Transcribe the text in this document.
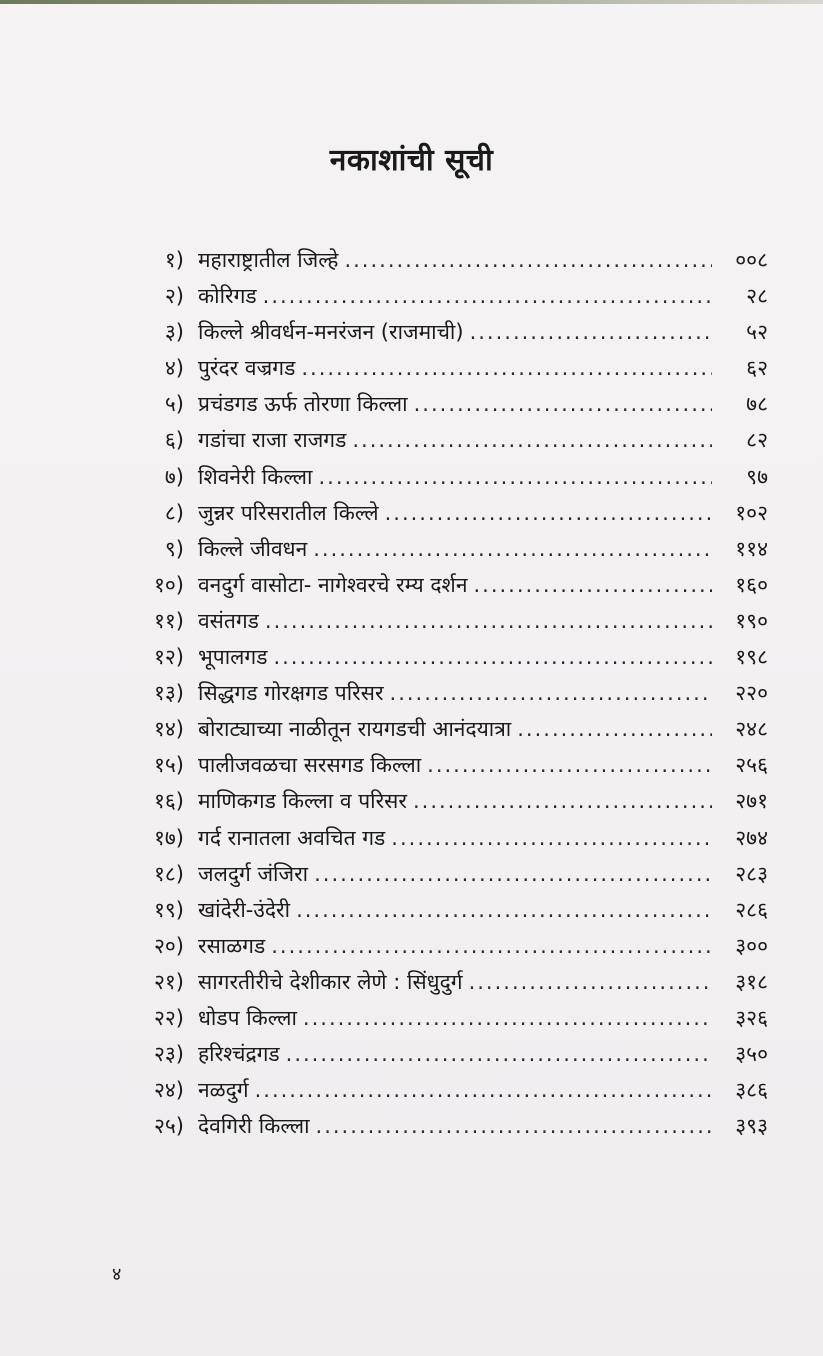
नकाशांची सूची
१) महाराष्ट्रातील जिल्हे .....	००८
२) कोरिगड .....	२८
३) किल्ले श्रीवर्धन-मनरंजन (राजमाची) .....	५२
४) पुरंदर वज्रगड .....	६२
५) प्रचंडगड ऊर्फ तोरणा किल्ला .....	७८
६) गडांचा राजा राजगड .....	८२
७) शिवनेरी किल्ला .....	९७
८) जुन्नर परिसरातील किल्ले .....	१०२
९) किल्ले जीवधन .....	११४
१०) वनदुर्ग वासोटा- नागेश्वरचे रम्य दर्शन .....	१६०
११) वसंतगड .....	१९०
१२) भूपालगड .....	१९८
१३) सिद्धगड गोरक्षगड परिसर .....	२२०
१४) बोराट्याच्या नाळीतून रायगडची आनंदयात्रा .....	२४८
१५) पालीजवळचा सरसगड किल्ला .....	२५६
१६) माणिकगड किल्ला व परिसर .....	२७१
१७) गर्द रानातला अवचित गड .....	२७४
१८) जलदुर्ग जंजिरा .....	२८३
१९) खांदेरी-उंदेरी .....	२८६
२०) रसाळगड .....	३००
२१) सागरतीरीचे देशीकार लेणे : सिंधुदुर्ग .....	३१८
२२) धोडप किल्ला .....	३२६
२३) हरिश्चंद्रगड .....	३५०
२४) नळदुर्ग .....	३८६
२५) देवगिरी किल्ला .....	३९३
४
